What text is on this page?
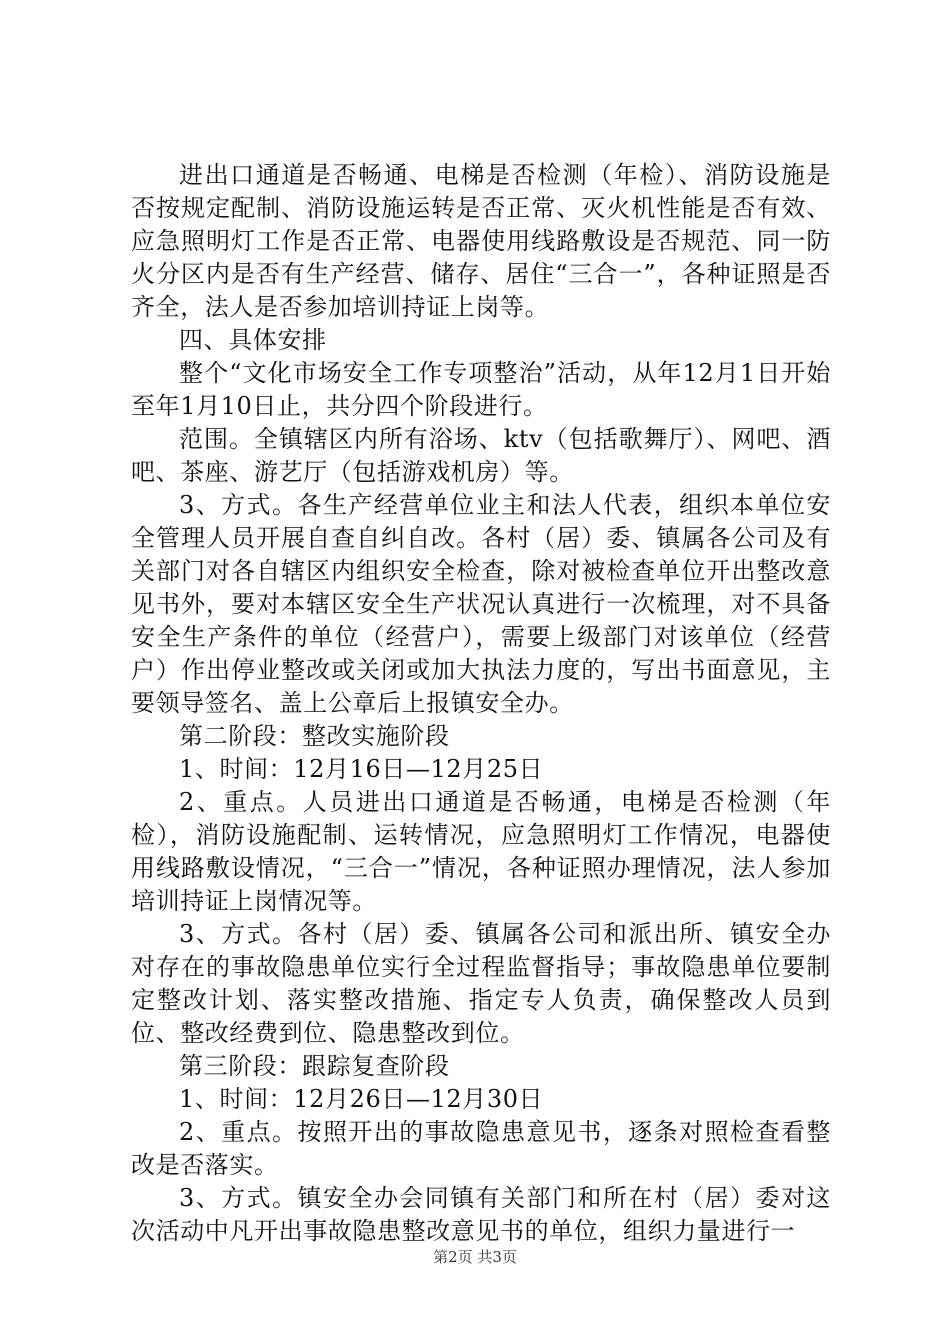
进出口通道是否畅通、电梯是否检测（年检）、消防设施是否按规定配制、消防设施运转是否正常、灭火机性能是否有效、应急照明灯工作是否正常、电器使用线路敷设是否规范、同一防火分区内是否有生产经营、储存、居住“三合一”，各种证照是否齐全，法人是否参加培训持证上岗等。

四、具体安排

整个“文化市场安全工作专项整治”活动，从年12月1日开始至年1月10日止，共分四个阶段进行。

范围。全镇辖区内所有浴场、ktv（包括歌舞厅）、网吧、酒吧、茶座、游艺厅（包括游戏机房）等。

3、方式。各生产经营单位业主和法人代表，组织本单位安全管理人员开展自查自纠自改。各村（居）委、镇属各公司及有关部门对各自辖区内组织安全检查，除对被检查单位开出整改意见书外，要对本辖区安全生产状况认真进行一次梳理，对不具备安全生产条件的单位（经营户），需要上级部门对该单位（经营户）作出停业整改或关闭或加大执法力度的，写出书面意见，主要领导签名、盖上公章后上报镇安全办。

第二阶段：整改实施阶段

1、时间：12月16日—12月25日

2、重点。人员进出口通道是否畅通，电梯是否检测（年检），消防设施配制、运转情况，应急照明灯工作情况，电器使用线路敷设情况，“三合一”情况，各种证照办理情况，法人参加培训持证上岗情况等。

3、方式。各村（居）委、镇属各公司和派出所、镇安全办对存在的事故隐患单位实行全过程监督指导；事故隐患单位要制定整改计划、落实整改措施、指定专人负责，确保整改人员到位、整改经费到位、隐患整改到位。

第三阶段：跟踪复查阶段

1、时间：12月26日—12月30日

2、重点。按照开出的事故隐患意见书，逐条对照检查看整改是否落实。

3、方式。镇安全办会同镇有关部门和所在村（居）委对这次活动中凡开出事故隐患整改意见书的单位，组织力量进行一

第2页 共3页
